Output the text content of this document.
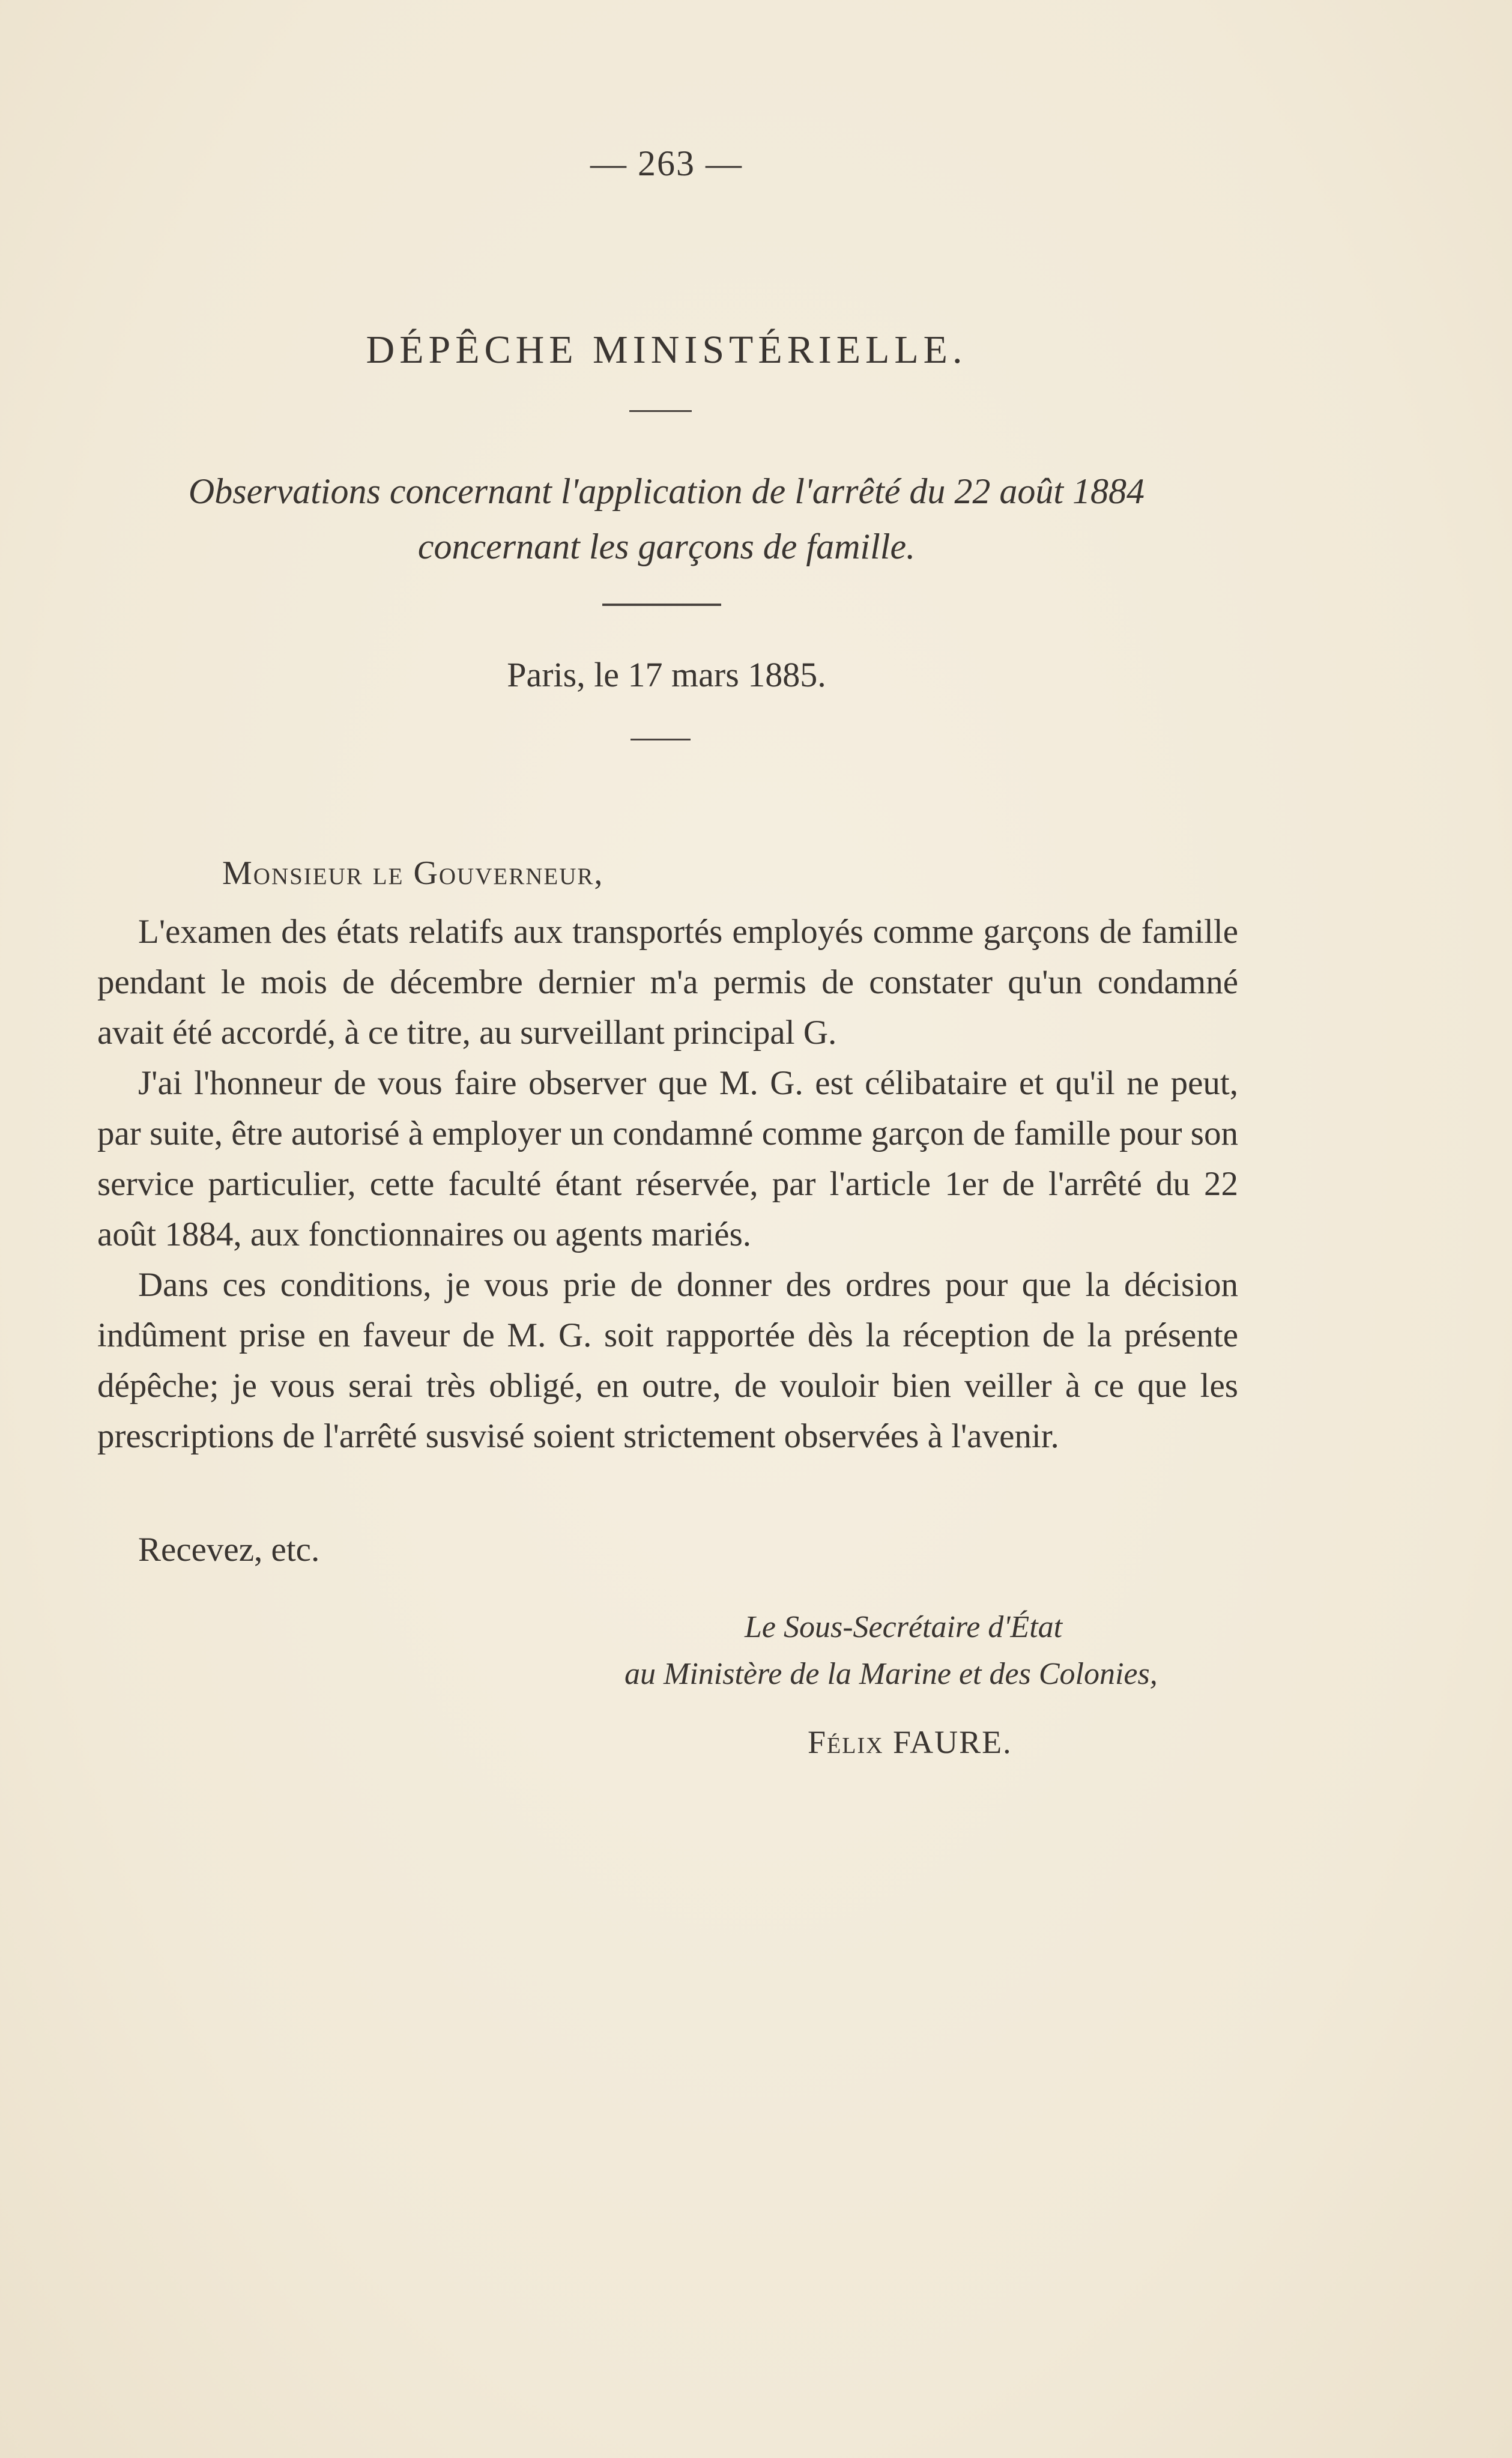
— 263 —
DÉPÊCHE MINISTÉRIELLE.
Observations concernant l'application de l'arrêté du 22 août 1884
concernant les garçons de famille.
Paris, le 17 mars 1885.
Monsieur le Gouverneur,

L'examen des états relatifs aux transportés employés comme garçons de famille pendant le mois de décembre dernier m'a permis de constater qu'un condamné avait été accordé, à ce titre, au surveillant principal G.

J'ai l'honneur de vous faire observer que M. G. est célibataire et qu'il ne peut, par suite, être autorisé à employer un condamné comme garçon de famille pour son service particulier, cette faculté étant réservée, par l'article 1er de l'arrêté du 22 août 1884, aux fonctionnaires ou agents mariés.

Dans ces conditions, je vous prie de donner des ordres pour que la décision indûment prise en faveur de M. G. soit rapportée dès la réception de la présente dépêche; je vous serai très obligé, en outre, de vouloir bien veiller à ce que les prescriptions de l'arrêté susvisé soient strictement observées à l'avenir.

Recevez, etc.
Le Sous-Secrétaire d'État
au Ministère de la Marine et des Colonies,
Félix FAURE.
